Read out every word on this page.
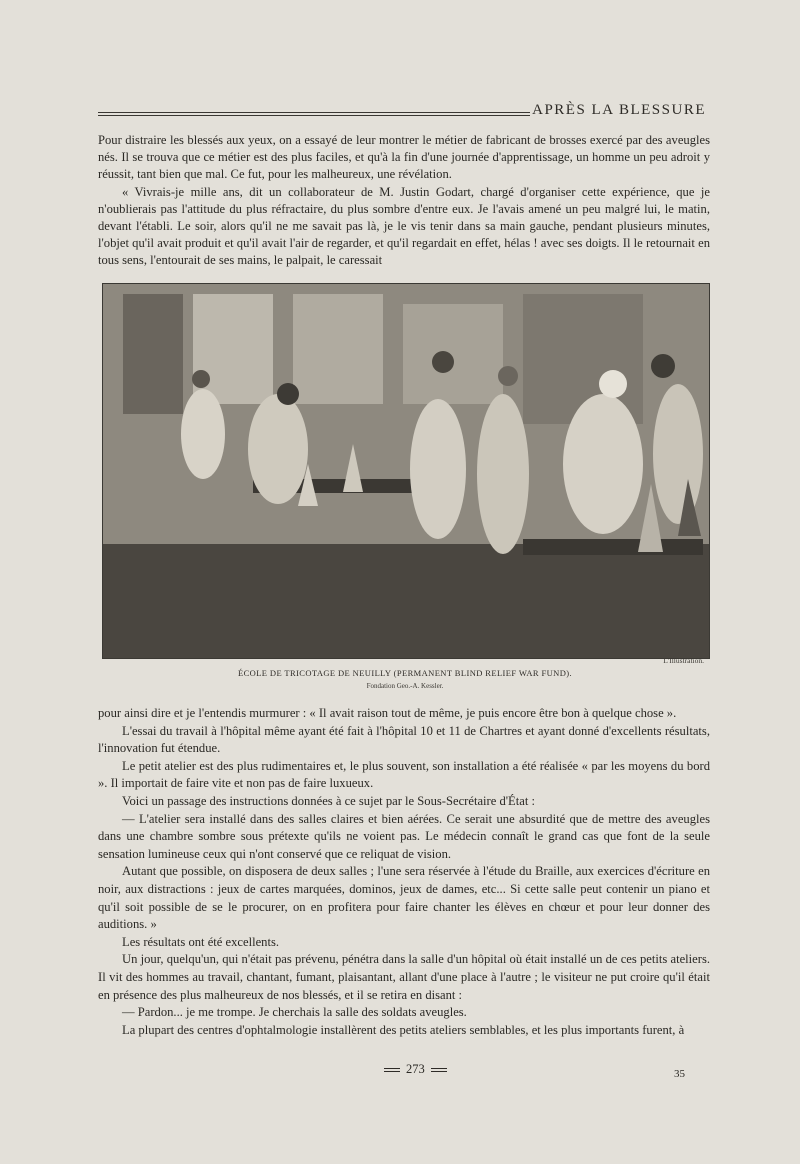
APRÈS LA BLESSURE

Pour distraire les blessés aux yeux, on a essayé de leur montrer le métier de fabricant de brosses exercé par des aveugles nés. Il se trouva que ce métier est des plus faciles, et qu'à la fin d'une journée d'apprentissage, un homme un peu adroit y réussit, tant bien que mal. Ce fut, pour les malheureux, une révélation.

« Vivrais-je mille ans, dit un collaborateur de M. Justin Godart, chargé d'organiser cette expérience, que je n'oublierais pas l'attitude du plus réfractaire, du plus sombre d'entre eux. Je l'avais amené un peu malgré lui, le matin, devant l'établi. Le soir, alors qu'il ne me savait pas là, je le vis tenir dans sa main gauche, pendant plusieurs minutes, l'objet qu'il avait produit et qu'il avait l'air de regarder, et qu'il regardait en effet, hélas ! avec ses doigts. Il le retournait en tous sens, l'entourait de ses mains, le palpait, le caressait

L'Illustration.
ÉCOLE DE TRICOTAGE DE NEUILLY (PERMANENT BLIND RELIEF WAR FUND).
Fondation Geo.-A. Kessler.

pour ainsi dire et je l'entendis murmurer : « Il avait raison tout de même, je puis encore être bon à quelque chose ».

L'essai du travail à l'hôpital même ayant été fait à l'hôpital 10 et 11 de Chartres et ayant donné d'excellents résultats, l'innovation fut étendue.

Le petit atelier est des plus rudimentaires et, le plus souvent, son installation a été réalisée « par les moyens du bord ». Il importait de faire vite et non pas de faire luxueux.

Voici un passage des instructions données à ce sujet par le Sous-Secrétaire d'État :

— L'atelier sera installé dans des salles claires et bien aérées. Ce serait une absurdité que de mettre des aveugles dans une chambre sombre sous prétexte qu'ils ne voient pas. Le médecin connaît le grand cas que font de la seule sensation lumineuse ceux qui n'ont conservé que ce reliquat de vision.

Autant que possible, on disposera de deux salles ; l'une sera réservée à l'étude du Braille, aux exercices d'écriture en noir, aux distractions : jeux de cartes marquées, dominos, jeux de dames, etc... Si cette salle peut contenir un piano et qu'il soit possible de se le procurer, on en profitera pour faire chanter les élèves en chœur et pour leur donner des auditions. »

Les résultats ont été excellents.

Un jour, quelqu'un, qui n'était pas prévenu, pénétra dans la salle d'un hôpital où était installé un de ces petits ateliers. Il vit des hommes au travail, chantant, fumant, plaisantant, allant d'une place à l'autre ; le visiteur ne put croire qu'il était en présence des plus malheureux de nos blessés, et il se retira en disant :

— Pardon... je me trompe. Je cherchais la salle des soldats aveugles.

La plupart des centres d'ophtalmologie installèrent des petits ateliers semblables, et les plus importants furent, à

273	35
